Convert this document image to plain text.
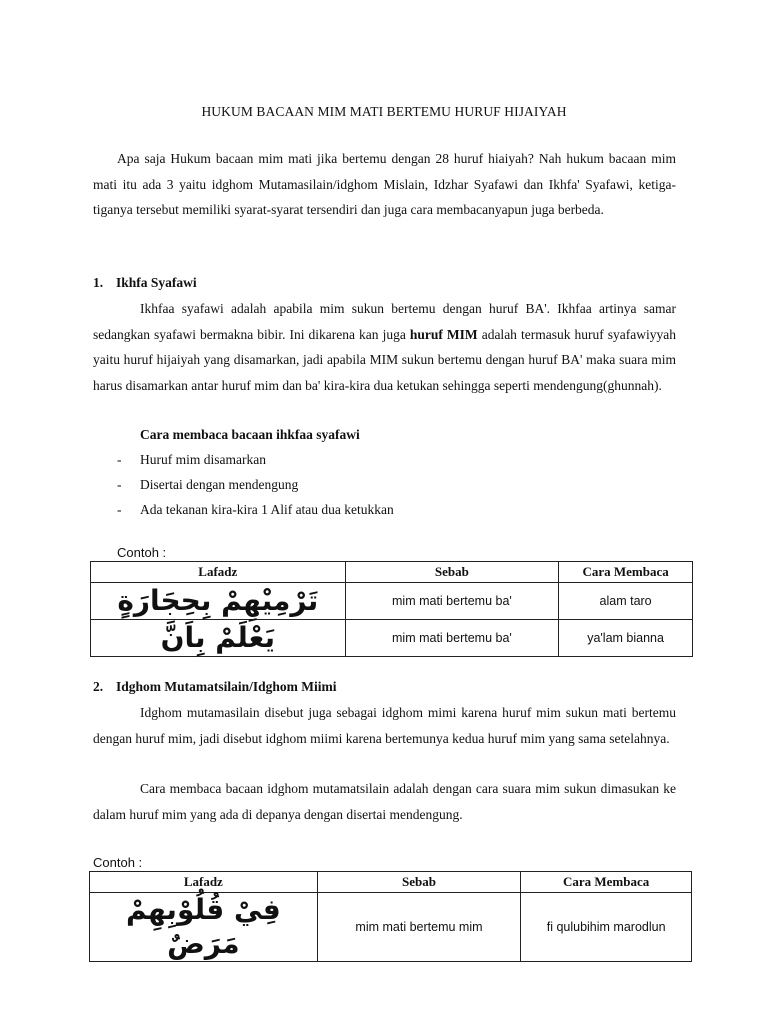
HUKUM BACAAN MIM MATI BERTEMU HURUF HIJAIYAH

Apa saja Hukum bacaan mim mati jika bertemu dengan 28 huruf hiaiyah? Nah hukum bacaan mim mati itu ada 3 yaitu idghom Mutamasilain/idghom Mislain, Idzhar Syafawi dan Ikhfa' Syafawi, ketiga-tiganya tersebut memiliki syarat-syarat tersendiri dan juga cara membacanyapun juga berbeda.

1. Ikhfa Syafawi

Ikhfaa syafawi adalah apabila mim sukun bertemu dengan huruf BA'. Ikhfaa artinya samar sedangkan syafawi bermakna bibir. Ini dikarena kan juga huruf MIM adalah termasuk huruf syafawiyyah yaitu huruf hijaiyah yang disamarkan, jadi apabila MIM sukun bertemu dengan huruf BA' maka suara mim harus disamarkan antar huruf mim dan ba' kira-kira dua ketukan sehingga seperti mendengung(ghunnah).

Cara membaca bacaan ihkfaa syafawi
- Huruf mim disamarkan
- Disertai dengan mendengung
- Ada tekanan kira-kira 1 Alif atau dua ketukkan
Contoh :
Lafadz	Sebab	Cara Membaca
تَرْمِيْهِمْ بِحِجَارَةٍ	mim mati bertemu ba'	alam taro
يَعْلَمْ بِاَنَّ	mim mati bertemu ba'	ya'lam bianna
2. Idghom Mutamatsilain/Idghom Miimi

Idghom mutamasilain disebut juga sebagai idghom mimi karena huruf mim sukun mati bertemu dengan huruf mim, jadi disebut idghom miimi karena bertemunya kedua huruf mim yang sama setelahnya.

Cara membaca bacaan idghom mutamatsilain adalah dengan cara suara mim sukun dimasukan ke dalam huruf mim yang ada di depanya dengan disertai mendengung.

Contoh :
Lafadz	Sebab	Cara Membaca
فِيْ قُلُوْبِهِمْ مَرَضٌ	mim mati bertemu mim	fi qulubihim marodlun
